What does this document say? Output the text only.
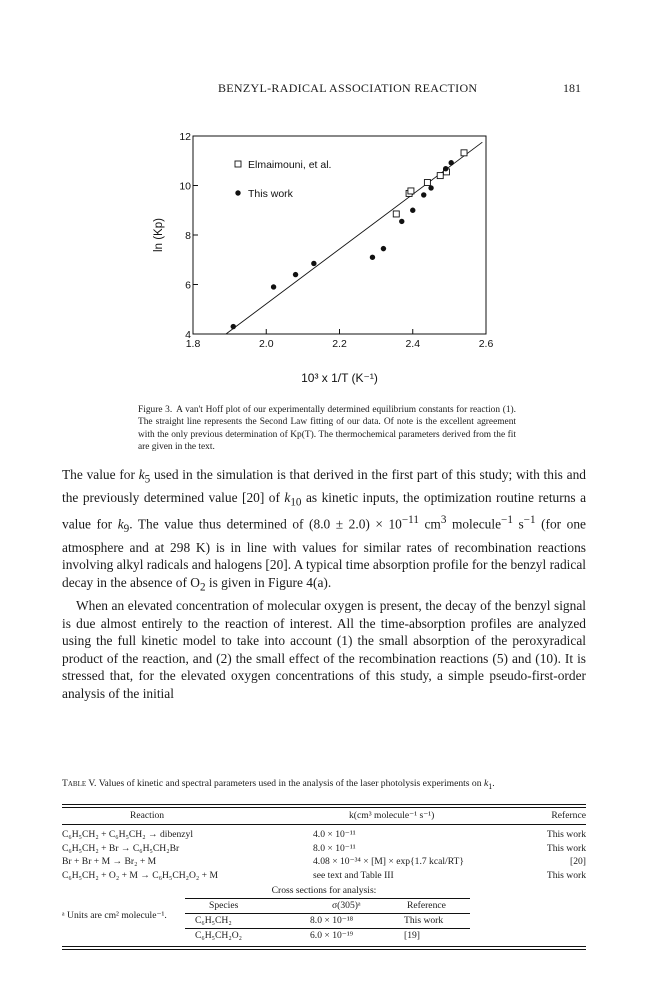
BENZYL-RADICAL ASSOCIATION REACTION	181
1.8	2.0	2.2	2.4	2.6
4
6
8
10
12
10³ x 1/T (K⁻¹)
ln (Kp)
Elmaimouni, et al.
This work
Figure 3. A van't Hoff plot of our experimentally determined equilibrium constants for reaction (1). The straight line represents the Second Law fitting of our data. Of note is the excellent agreement with the only previous determination of Kp(T). The thermochemical parameters derived from the fit are given in the text.

The value for $k_5$ used in the simulation is that derived in the first part of this study; with this and the previously determined value [20] of $k_{10}$ as kinetic inputs, the optimization routine returns a value for $k_9$. The value thus determined of $(8.0 \pm 2.0) \times 10^{-11}$ $cm^3$ molecule$^{-1}$ $s^{-1}$ (for one atmosphere and at 298 K) is in line with values for similar rates of recombination reactions involving alkyl radicals and halogens [20]. A typical time absorption profile for the benzyl radical decay in the absence of $O_2$ is given in Figure 4(a).

When an elevated concentration of molecular oxygen is present, the decay of the benzyl signal is due almost entirely to the reaction of interest. All the time-absorption profiles are analyzed using the full kinetic model to take into account (1) the small absorption of the peroxyradical product of the reaction, and (2) the small effect of the recombination reactions (5) and (10). It is stressed that, for the elevated oxygen concentrations of this study, a simple pseudo-first-order analysis of the initial

Table V. Values of kinetic and spectral parameters used in the analysis of the laser photolysis experiments on $k_1$.
Reaction	k(cm³ molecule⁻¹ s⁻¹)	Refernce
C₆H₅CH₂ + C₆H₅CH₂ → dibenzyl	4.0 × 10⁻¹¹	This work
C₆H₅CH₂ + Br → C₆H₅CH₂Br	8.0 × 10⁻¹¹	This work
Br + Br + M → Br₂ + M	4.08 × 10⁻³⁴ × [M] × exp{1.7 kcal/RT}	[20]
C₆H₅CH₂ + O₂ + M → C₆H₅CH₂O₂ + M	see text and Table III	This work
Cross sections for analysis:
Species	σ(305)ᵃ	Reference
C₆H₅CH₂	8.0 × 10⁻¹⁸	This work
C₆H₅CH₂O₂	6.0 × 10⁻¹⁹	[19]
ᵃ Units are cm² molecule⁻¹.
